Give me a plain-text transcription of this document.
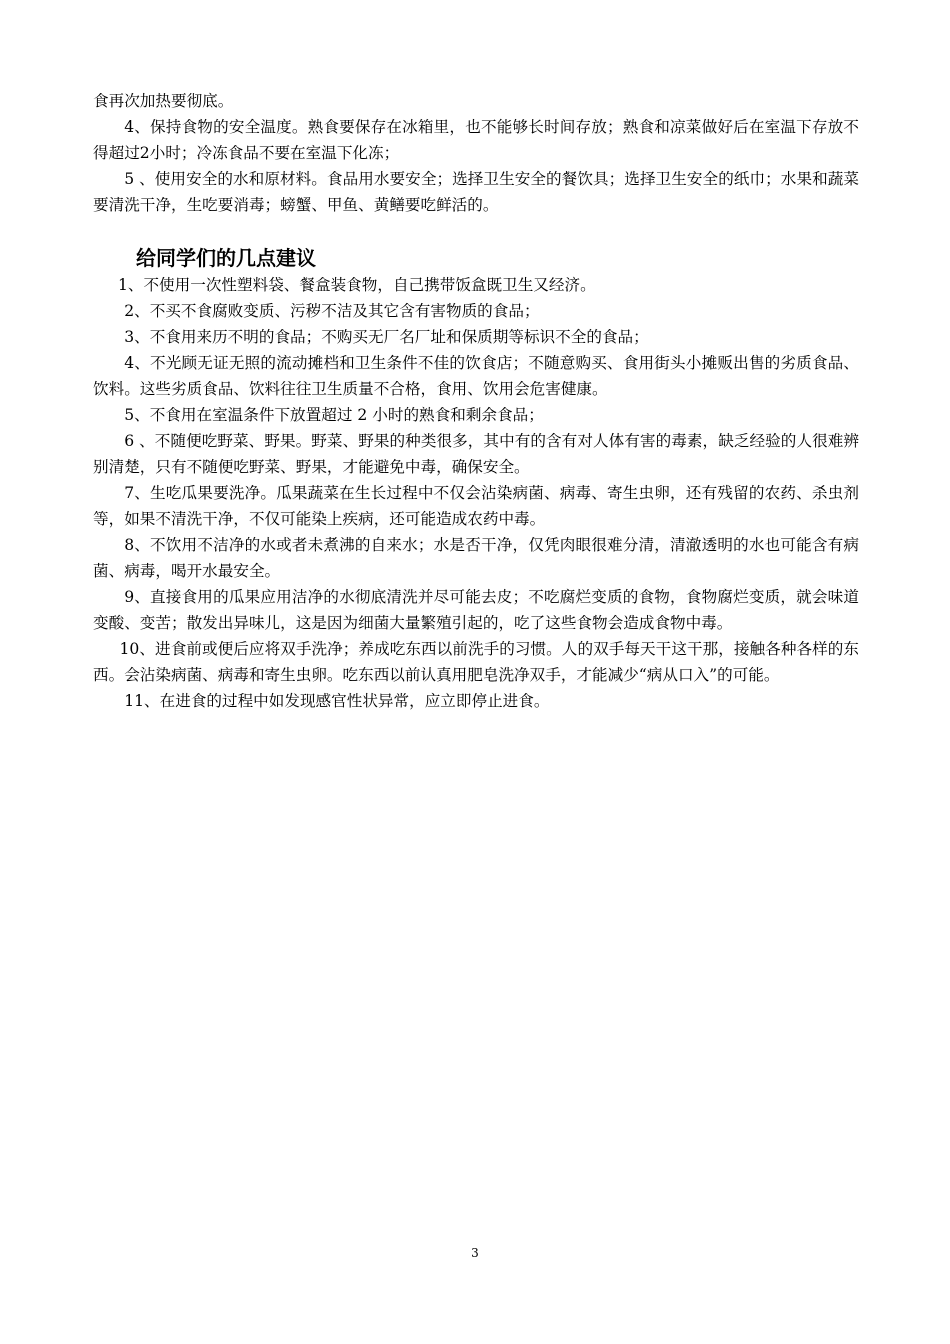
食再次加热要彻底。

4、保持食物的安全温度。熟食要保存在冰箱里，也不能够长时间存放；熟食和凉菜做好后在室温下存放不得超过2小时；冷冻食品不要在室温下化冻；

5 、使用安全的水和原材料。食品用水要安全；选择卫生安全的餐饮具；选择卫生安全的纸巾；水果和蔬菜要清洗干净，生吃要消毒；螃蟹、甲鱼、黄鳝要吃鲜活的。

给同学们的几点建议

1、不使用一次性塑料袋、餐盒装食物，自己携带饭盒既卫生又经济。

2、不买不食腐败变质、污秽不洁及其它含有害物质的食品；

3、不食用来历不明的食品；不购买无厂名厂址和保质期等标识不全的食品；

4、不光顾无证无照的流动摊档和卫生条件不佳的饮食店；不随意购买、食用街头小摊贩出售的劣质食品、饮料。这些劣质食品、饮料往往卫生质量不合格，食用、饮用会危害健康。

5、不食用在室温条件下放置超过 2 小时的熟食和剩余食品；

6 、不随便吃野菜、野果。野菜、野果的种类很多，其中有的含有对人体有害的毒素，缺乏经验的人很难辨别清楚，只有不随便吃野菜、野果，才能避免中毒，确保安全。

7、生吃瓜果要洗净。瓜果蔬菜在生长过程中不仅会沾染病菌、病毒、寄生虫卵，还有残留的农药、杀虫剂等，如果不清洗干净，不仅可能染上疾病，还可能造成农药中毒。

8、不饮用不洁净的水或者未煮沸的自来水；水是否干净，仅凭肉眼很难分清，清澈透明的水也可能含有病菌、病毒，喝开水最安全。

9、直接食用的瓜果应用洁净的水彻底清洗并尽可能去皮；不吃腐烂变质的食物，食物腐烂变质，就会味道变酸、变苦；散发出异味儿，这是因为细菌大量繁殖引起的，吃了这些食物会造成食物中毒。

10、进食前或便后应将双手洗净；养成吃东西以前洗手的习惯。人的双手每天干这干那，接触各种各样的东西。会沾染病菌、病毒和寄生虫卵。吃东西以前认真用肥皂洗净双手，才能减少“病从口入”的可能。

11、在进食的过程中如发现感官性状异常，应立即停止进食。

3
